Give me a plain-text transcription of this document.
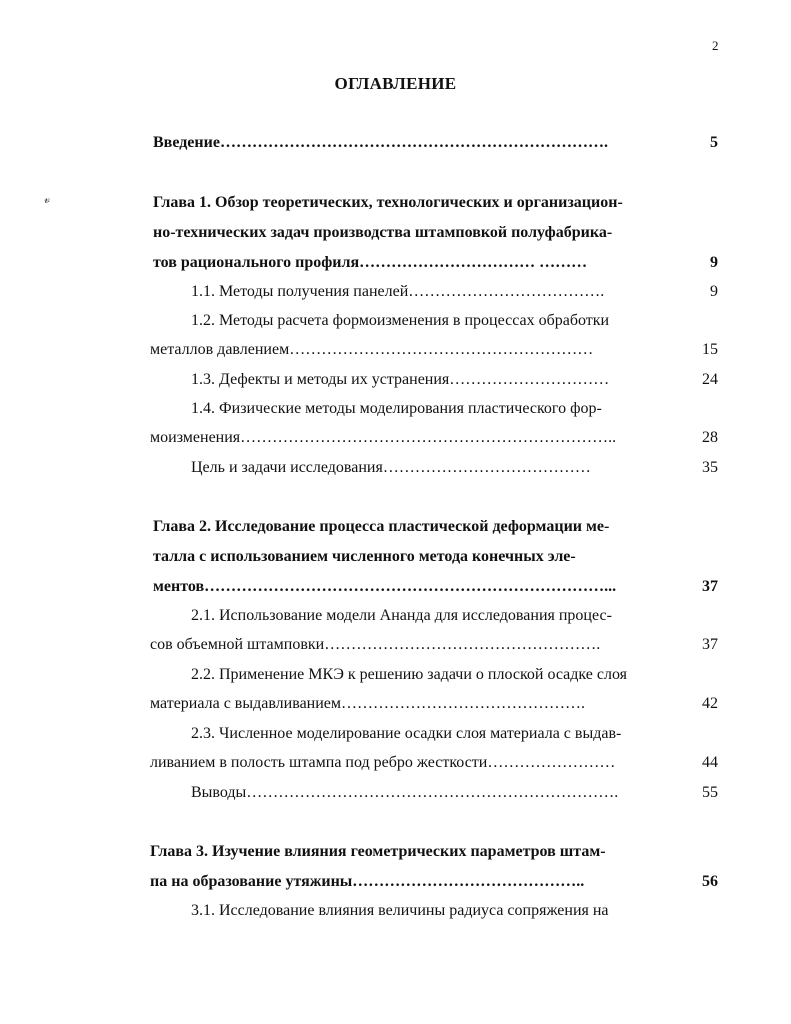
2
ОГЛАВЛЕНИЕ
𝓋
Введение……………………………………………………………….	5
Глава 1. Обзор теоретических, технологических и организацион-
но-технических задач производства штамповкой полуфабрика-
тов рационального профиля…………………………… ………	9
1.1. Методы получения панелей……………………………….	9
1.2. Методы расчета формоизменения в процессах обработки
металлов давлением…………………………………………………	15
1.3. Дефекты и методы их устранения…………………………	24
1.4. Физические методы моделирования пластического фор-
моизменения……………………………………………………………..	28
Цель и задачи исследования…………………………………	35
Глава 2. Исследование процесса пластической деформации ме-
талла с использованием численного метода конечных эле-
ментов…………………………………………………………………...	37
2.1. Использование модели Ананда для исследования процес-
сов объемной штамповки…………………………………………….	37
2.2. Применение МКЭ к решению задачи о плоской осадке слоя
материала с выдавливанием……………………………………….	42
2.3. Численное моделирование осадки слоя материала с выдав-
ливанием в полость штампа под ребро жесткости……………………	44
Выводы…………………………………………………………….	55
Глава 3. Изучение влияния геометрических параметров штам-
па на образование утяжины……………………………………..	56
3.1. Исследование влияния величины радиуса сопряжения на
